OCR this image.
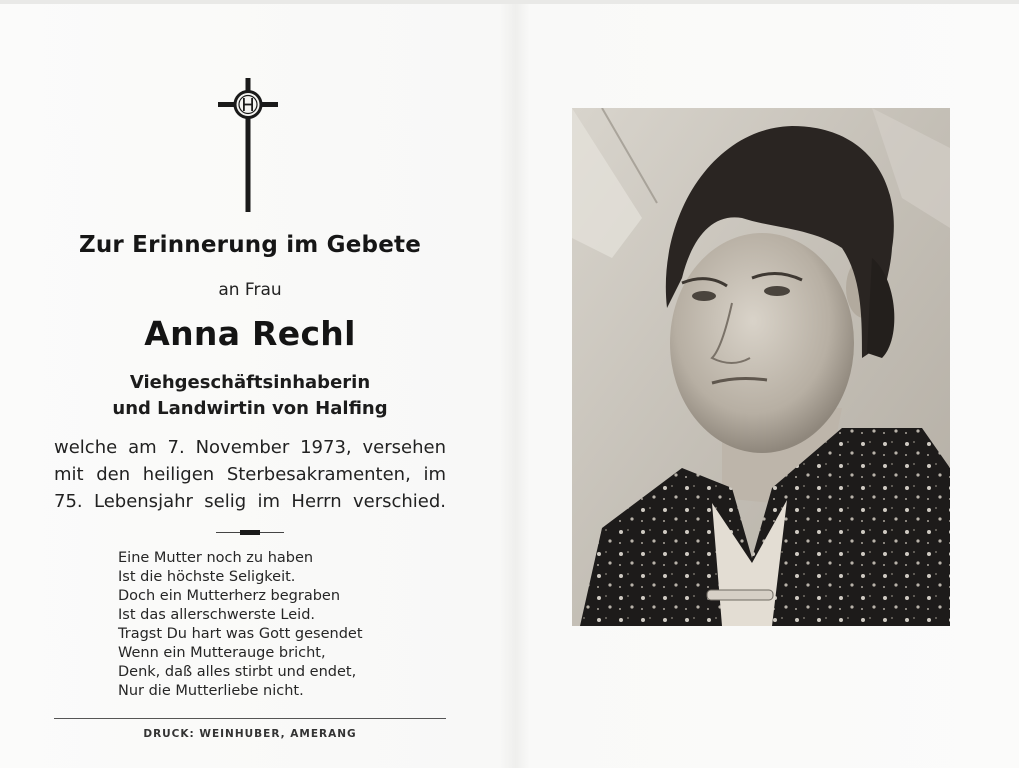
Zur Erinnerung im Gebete
an Frau
Anna Rechl
Viehgeschäftsinhaberin
und Landwirtin von Halfing
welche am 7. November 1973, versehen
mit den heiligen Sterbesakramenten, im
75. Lebensjahr selig im Herrn verschied.
Eine Mutter noch zu haben
Ist die höchste Seligkeit.
Doch ein Mutterherz begraben
Ist das allerschwerste Leid.
Tragst Du hart was Gott gesendet
Wenn ein Mutterauge bricht,
Denk, daß alles stirbt und endet,
Nur die Mutterliebe nicht.
DRUCK: WEINHUBER, AMERANG
